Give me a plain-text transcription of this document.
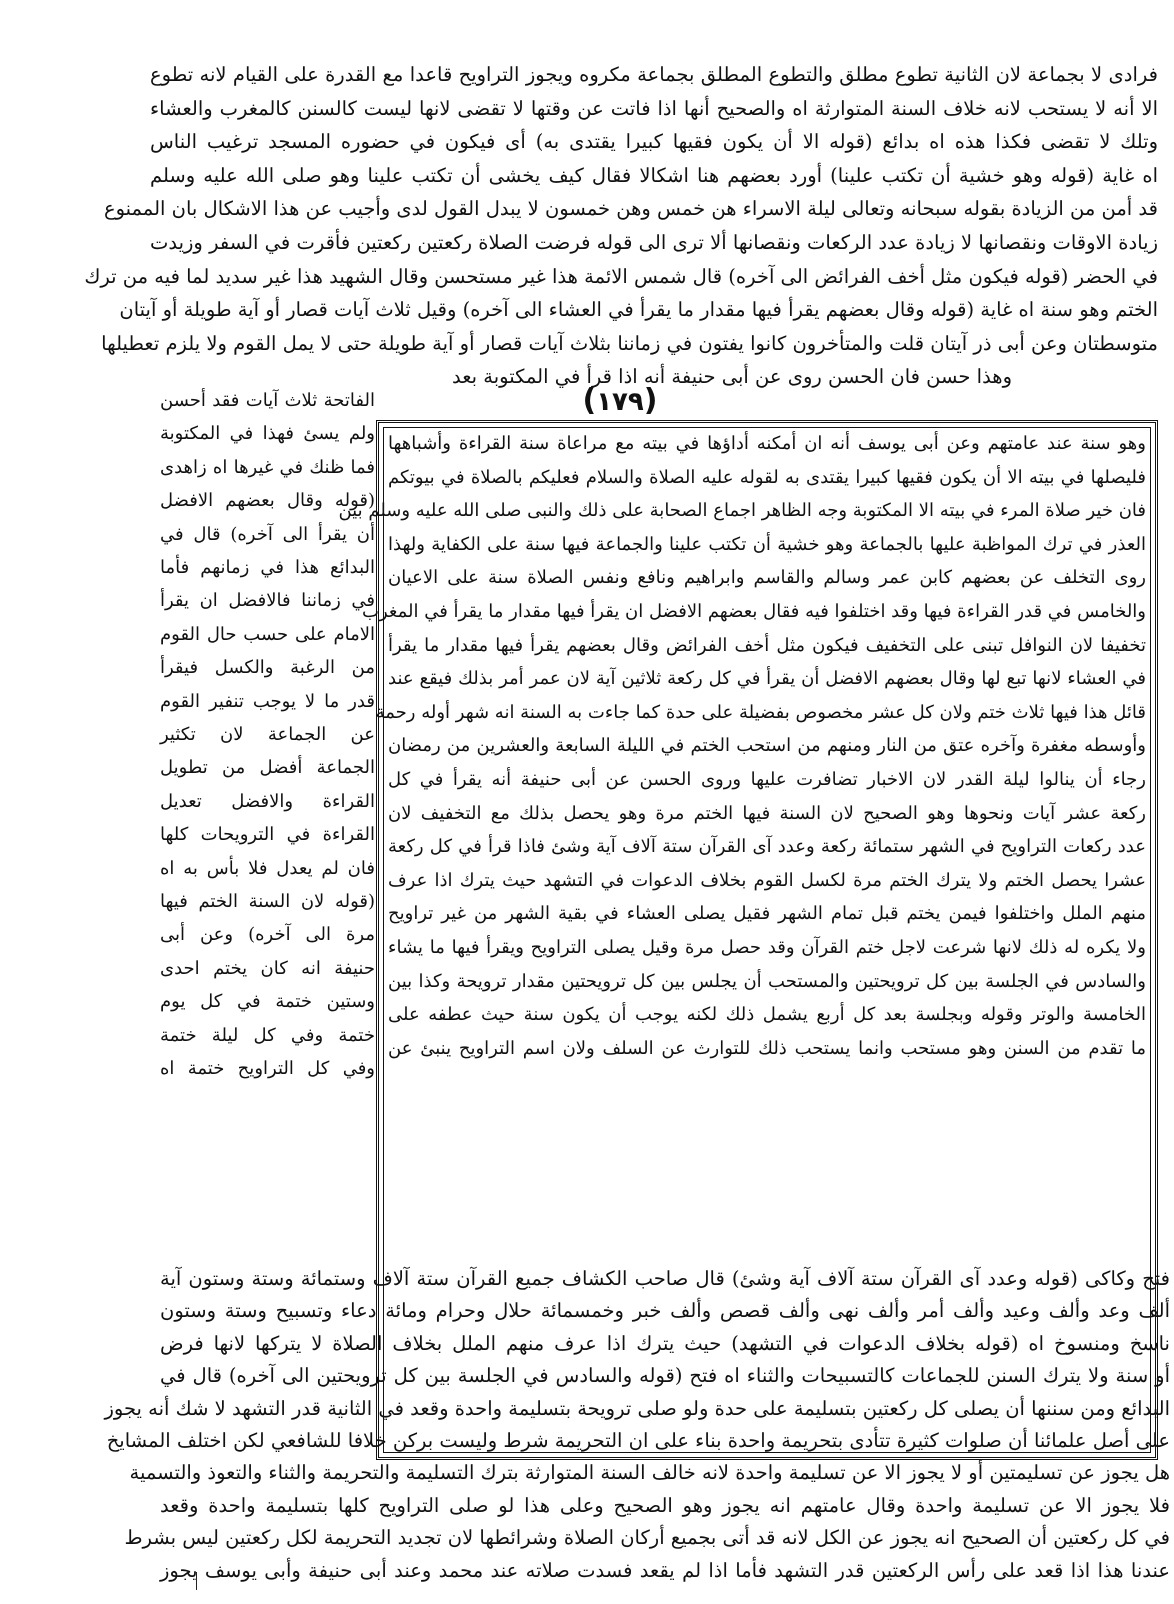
فرادى لا بجماعة لان الثانية تطوع مطلق والتطوع المطلق بجماعة مكروه ويجوز التراويح قاعدا مع القدرة على القيام لانه تطوع
الا أنه لا يستحب لانه خلاف السنة المتوارثة اه والصحيح أنها اذا فاتت عن وقتها لا تقضى لانها ليست كالسنن كالمغرب والعشاء
وتلك لا تقضى فكذا هذه اه بدائع (قوله الا أن يكون فقيها كبيرا يقتدى به) أى فيكون في حضوره المسجد ترغيب الناس
اه غاية (قوله وهو خشية أن تكتب علينا) أورد بعضهم هنا اشكالا فقال كيف يخشى أن تكتب علينا وهو صلى الله عليه وسلم
قد أمن من الزيادة بقوله سبحانه وتعالى ليلة الاسراء هن خمس وهن خمسون لا يبدل القول لدى وأجيب عن هذا الاشكال بان الممنوع
زيادة الاوقات ونقصانها لا زيادة عدد الركعات ونقصانها ألا ترى الى قوله فرضت الصلاة ركعتين ركعتين فأقرت في السفر وزيدت
في الحضر (قوله فيكون مثل أخف الفرائض الى آخره) قال شمس الائمة هذا غير مستحسن وقال الشهيد هذا غير سديد لما فيه من ترك
الختم وهو سنة اه غاية (قوله وقال بعضهم يقرأ فيها مقدار ما يقرأ في العشاء الى آخره) وقيل ثلاث آيات قصار أو آية طويلة أو آيتان
متوسطتان وعن أبى ذر آيتان قلت والمتأخرون كانوا يفتون في زماننا بثلاث آيات قصار أو آية طويلة حتى لا يمل القوم ولا يلزم تعطيلها
وهذا حسن فان الحسن روى عن أبى حنيفة أنه اذا قرأ في المكتوبة بعد
(١٧٩)
وهو سنة عند عامتهم وعن أبى يوسف أنه ان أمكنه أداؤها في بيته مع مراعاة سنة القراءة وأشباهها
فليصلها في بيته الا أن يكون فقيها كبيرا يقتدى به لقوله عليه الصلاة والسلام فعليكم بالصلاة في بيوتكم
فان خير صلاة المرء في بيته الا المكتوبة وجه الظاهر اجماع الصحابة على ذلك والنبى صلى الله عليه وسلم بين
العذر في ترك المواظبة عليها بالجماعة وهو خشية أن تكتب علينا والجماعة فيها سنة على الكفاية ولهذا
روى التخلف عن بعضهم كابن عمر وسالم والقاسم وابراهيم ونافع ونفس الصلاة سنة على الاعيان
والخامس في قدر القراءة فيها وقد اختلفوا فيه فقال بعضهم الافضل ان يقرأ فيها مقدار ما يقرأ في المغرب
تخفيفا لان النوافل تبنى على التخفيف فيكون مثل أخف الفرائض وقال بعضهم يقرأ فيها مقدار ما يقرأ
في العشاء لانها تبع لها وقال بعضهم الافضل أن يقرأ في كل ركعة ثلاثين آية لان عمر أمر بذلك فيقع عند
قائل هذا فيها ثلاث ختم ولان كل عشر مخصوص بفضيلة على حدة كما جاءت به السنة انه شهر أوله رحمة
وأوسطه مغفرة وآخره عتق من النار ومنهم من استحب الختم في الليلة السابعة والعشرين من رمضان
رجاء أن ينالوا ليلة القدر لان الاخبار تضافرت عليها وروى الحسن عن أبى حنيفة أنه يقرأ في كل
ركعة عشر آيات ونحوها وهو الصحيح لان السنة فيها الختم مرة وهو يحصل بذلك مع التخفيف لان
عدد ركعات التراويح في الشهر ستمائة ركعة وعدد آى القرآن ستة آلاف آية وشئ فاذا قرأ في كل ركعة
عشرا يحصل الختم ولا يترك الختم مرة لكسل القوم بخلاف الدعوات في التشهد حيث يترك اذا عرف
منهم الملل واختلفوا فيمن يختم قبل تمام الشهر فقيل يصلى العشاء في بقية الشهر من غير تراويح
ولا يكره له ذلك لانها شرعت لاجل ختم القرآن وقد حصل مرة وقيل يصلى التراويح ويقرأ فيها ما يشاء
والسادس في الجلسة بين كل ترويحتين والمستحب أن يجلس بين كل ترويحتين مقدار ترويحة وكذا بين
الخامسة والوتر وقوله وبجلسة بعد كل أربع يشمل ذلك لكنه يوجب أن يكون سنة حيث عطفه على
ما تقدم من السنن وهو مستحب وانما يستحب ذلك للتوارث عن السلف ولان اسم التراويح ينبئ عن
الفاتحة ثلاث آيات فقد أحسن
ولم يسئ فهذا في المكتوبة
فما ظنك في غيرها اه زاهدى
(قوله وقال بعضهم الافضل
أن يقرأ الى آخره) قال في
البدائع هذا في زمانهم فأما
في زماننا فالافضل ان يقرأ
الامام على حسب حال القوم
من الرغبة والكسل فيقرأ
قدر ما لا يوجب تنفير القوم
عن الجماعة لان تكثير
الجماعة أفضل من تطويل
القراءة والافضل تعديل
القراءة في الترويحات كلها
فان لم يعدل فلا بأس به اه
(قوله لان السنة الختم فيها
مرة الى آخره) وعن أبى
حنيفة انه كان يختم احدى
وستين ختمة في كل يوم
ختمة وفي كل ليلة ختمة
وفي كل التراويح ختمة اه
فتح وكاكى (قوله وعدد آى القرآن ستة آلاف آية وشئ) قال صاحب الكشاف جميع القرآن ستة آلاف وستمائة وستة وستون آية
ألف وعد وألف وعيد وألف أمر وألف نهى وألف قصص وألف خبر وخمسمائة حلال وحرام ومائة دعاء وتسبيح وستة وستون
ناسخ ومنسوخ اه (قوله بخلاف الدعوات في التشهد) حيث يترك اذا عرف منهم الملل بخلاف الصلاة لا يتركها لانها فرض
أو سنة ولا يترك السنن للجماعات كالتسبيحات والثناء اه فتح (قوله والسادس في الجلسة بين كل ترويحتين الى آخره) قال في
البدائع ومن سننها أن يصلى كل ركعتين بتسليمة على حدة ولو صلى ترويحة بتسليمة واحدة وقعد في الثانية قدر التشهد لا شك أنه يجوز
على أصل علمائنا أن صلوات كثيرة تتأدى بتحريمة واحدة بناء على ان التحريمة شرط وليست بركن خلافا للشافعي لكن اختلف المشايخ
هل يجوز عن تسليمتين أو لا يجوز الا عن تسليمة واحدة لانه خالف السنة المتوارثة بترك التسليمة والتحريمة والثناء والتعوذ والتسمية
فلا يجوز الا عن تسليمة واحدة وقال عامتهم انه يجوز وهو الصحيح وعلى هذا لو صلى التراويح كلها بتسليمة واحدة وقعد
في كل ركعتين أن الصحيح انه يجوز عن الكل لانه قد أتى بجميع أركان الصلاة وشرائطها لان تجديد التحريمة لكل ركعتين ليس بشرط
عندنا هذا اذا قعد على رأس الركعتين قدر التشهد فأما اذا لم يقعد فسدت صلاته عند محمد وعند أبى حنيفة وأبى يوسف يجوز
